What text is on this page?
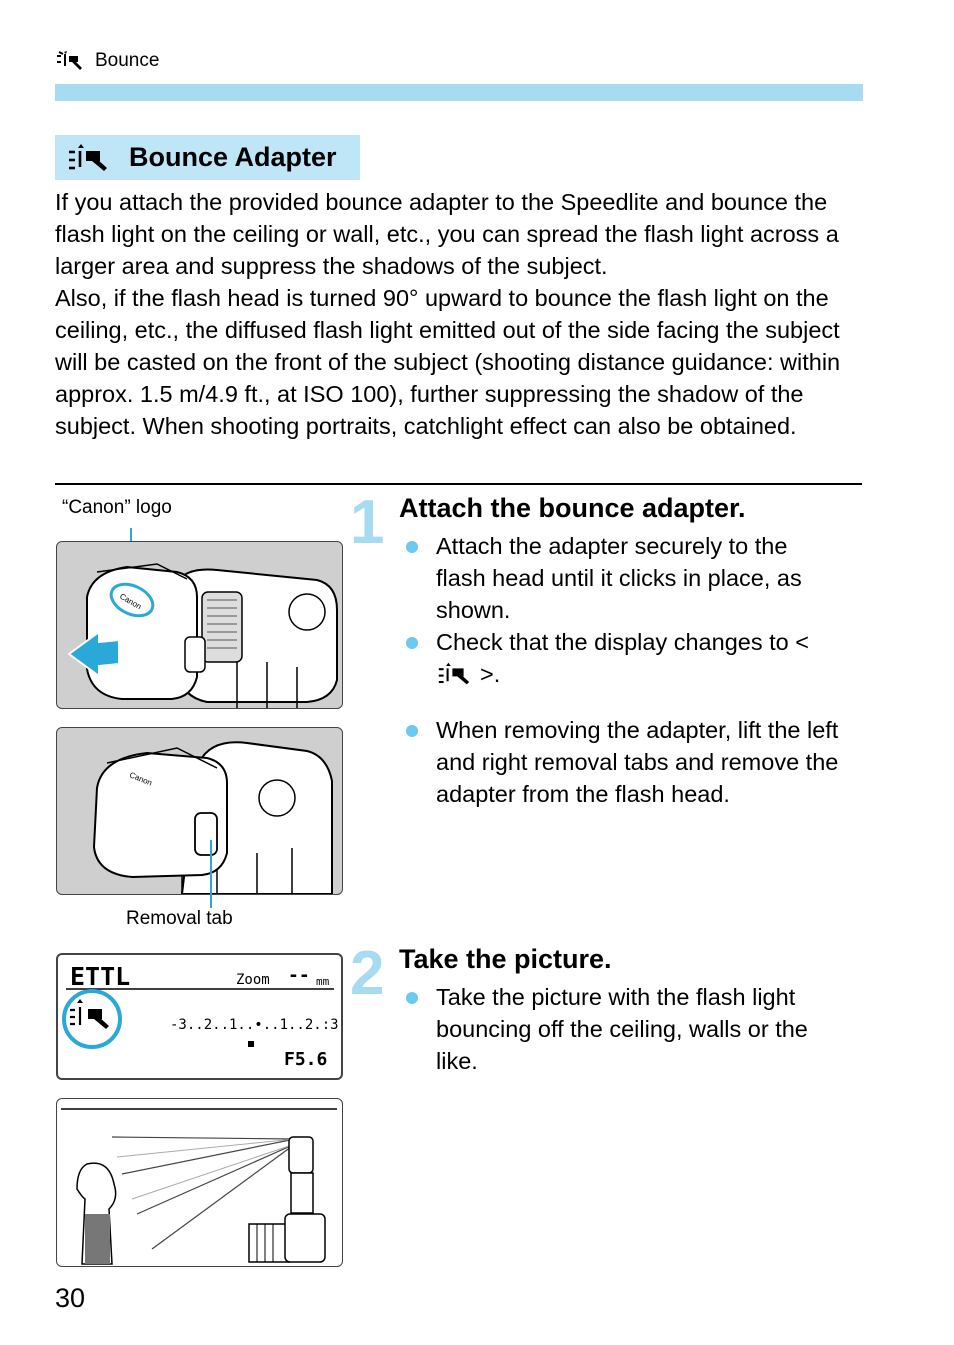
Bounce
Bounce Adapter

If you attach the provided bounce adapter to the Speedlite and bounce the flash light on the ceiling or wall, etc., you can spread the flash light across a larger area and suppress the shadows of the subject.

Also, if the flash head is turned 90° upward to bounce the flash light on the ceiling, etc., the diffused flash light emitted out of the side facing the subject will be casted on the front of the subject (shooting distance guidance: within approx. 1.5 m/4.9 ft., at ISO 100), further suppressing the shadow of the subject. When shooting portraits, catchlight effect can also be obtained.

“Canon” logo
Canon
Canon
Removal tab
ETTL	Zoom -- mm
-3..2..1..•..1..2.:3
F5.6
1 Attach the bounce adapter.
Attach the adapter securely to the flash head until it clicks in place, as shown.
Check that the display changes to <>.
When removing the adapter, lift the left and right removal tabs and remove the adapter from the flash head.
2 Take the picture.
Take the picture with the flash light bouncing off the ceiling, walls or the like.
30
